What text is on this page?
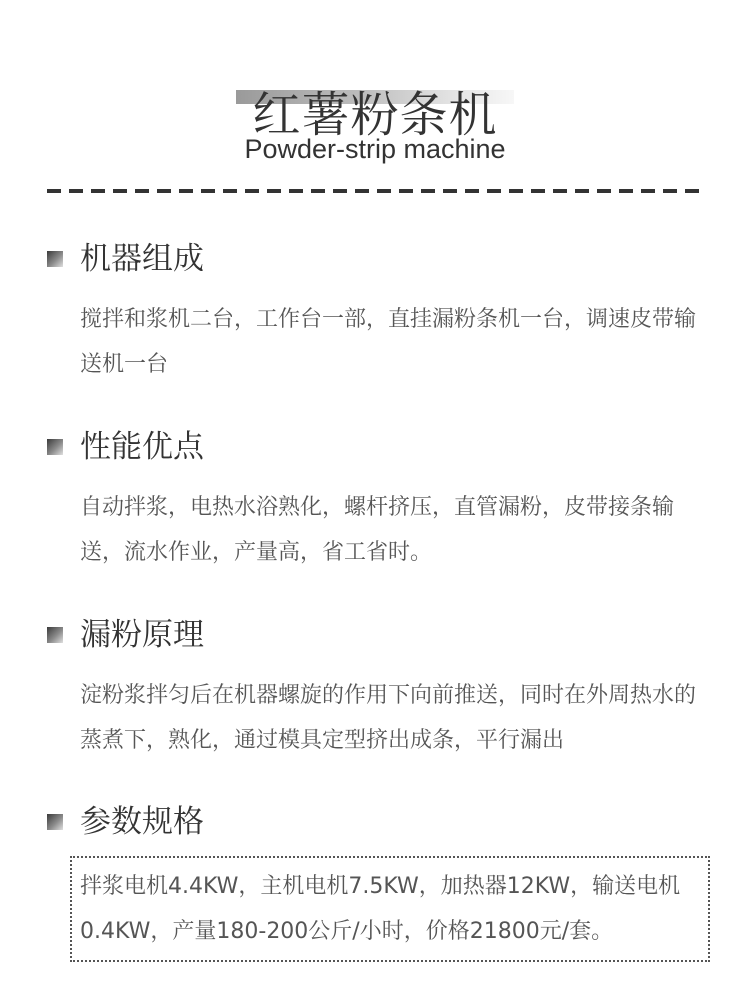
红薯粉条机
Powder-strip machine
机器组成
搅拌和浆机二台，工作台一部，直挂漏粉条机一台，调速皮带输送机一台
性能优点
自动拌浆，电热水浴熟化，螺杆挤压，直管漏粉，皮带接条输送，流水作业，产量高，省工省时。
漏粉原理
淀粉浆拌匀后在机器螺旋的作用下向前推送，同时在外周热水的蒸煮下，熟化，通过模具定型挤出成条，平行漏出
参数规格
拌浆电机4.4KW，主机电机7.5KW，加热器12KW，输送电机0.4KW，产量180-200公斤/小时，价格21800元/套。
